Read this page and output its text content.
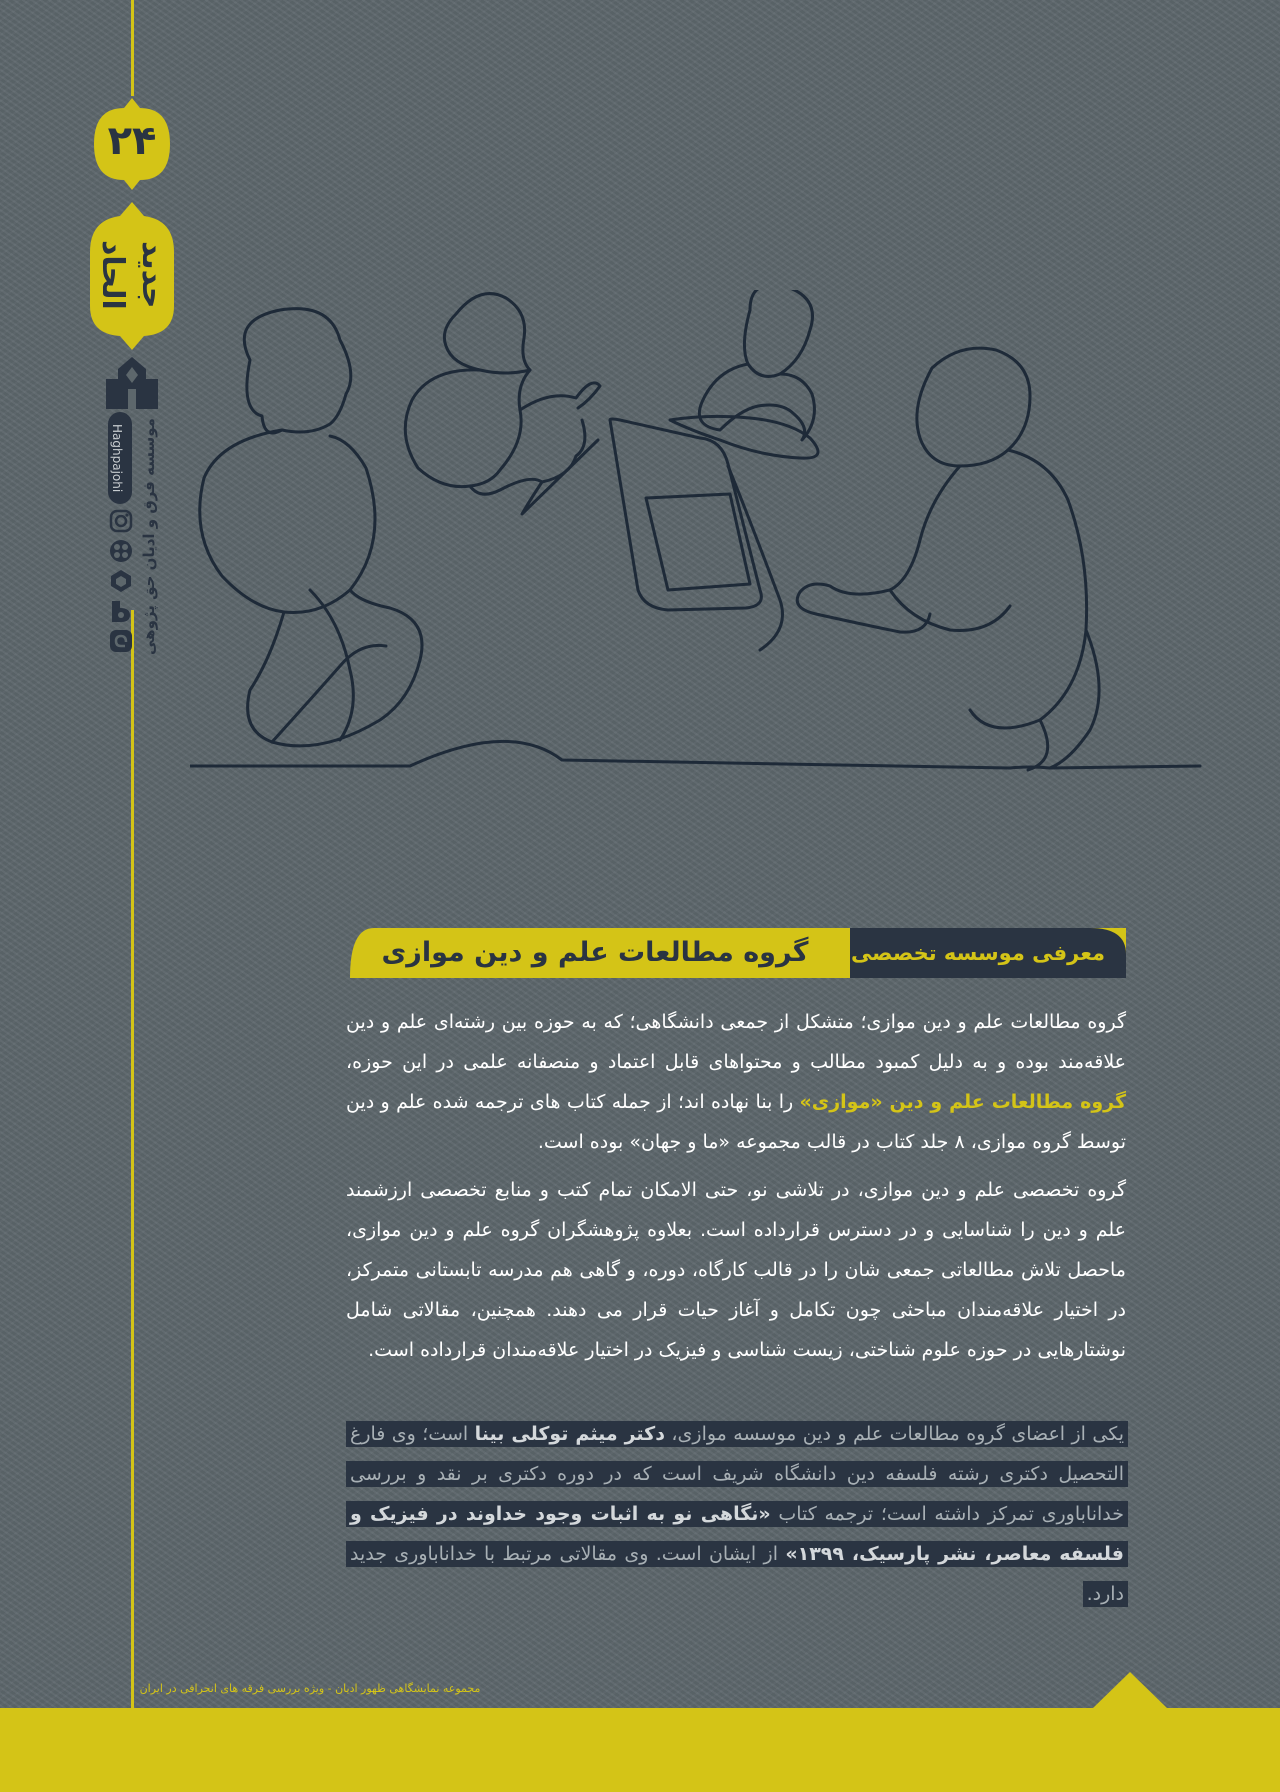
۲۴
جدید الحاد
موسسه فرق و ادیان حق پژوهی
Haghpajohi
گروه مطالعات علم و دین موازی معرفی موسسه تخصصی
گروه مطالعات علم و دین موازی؛ متشکل از جمعی دانشگاهی؛ که به حوزه بین رشته‌ای علم و دین علاقه‌مند بوده و به دلیل کمبود مطالب و محتواهای قابل اعتماد و منصفانه علمی در این حوزه، گروه مطالعات علم و دین «موازی» را بنا نهاده اند؛ از جمله کتاب های ترجمه شده علم و دین توسط گروه موازی، ۸ جلد کتاب در قالب مجموعه «ما و جهان» بوده است.
گروه تخصصی علم و دین موازی، در تلاشی نو، حتی الامکان تمام کتب و منابع تخصصی ارزشمند علم و دین را شناسایی و در دسترس قرارداده است. بعلاوه پژوهشگران گروه علم و دین موازی، ماحصل تلاش مطالعاتی جمعی شان را در قالب کارگاه، دوره، و گاهی هم مدرسه تابستانی متمرکز، در اختیار علاقه‌مندان مباحثی چون تکامل و آغاز حیات قرار می دهند. همچنین، مقالاتی شامل نوشتارهایی در حوزه علوم شناختی، زیست شناسی و فیزیک در اختیار علاقه‌مندان قرارداده است.
یکی از اعضای گروه مطالعات علم و دین موسسه موازی، دکتر میثم توکلی بینا است؛ وی فارغ التحصیل دکتری رشته فلسفه دین دانشگاه شریف است که در دوره دکتری بر نقد و بررسی خداناباوری تمرکز داشته است؛ ترجمه کتاب «نگاهی نو به اثبات وجود خداوند در فیزیک و فلسفه معاصر، نشر پارسیک، ۱۳۹۹» از ایشان است. وی مقالاتی مرتبط با خداناباوری جدید دارد.
مجموعه نمایشگاهی ظهور ادیان - ویژه بررسی فرقه های انحرافی در ایران
